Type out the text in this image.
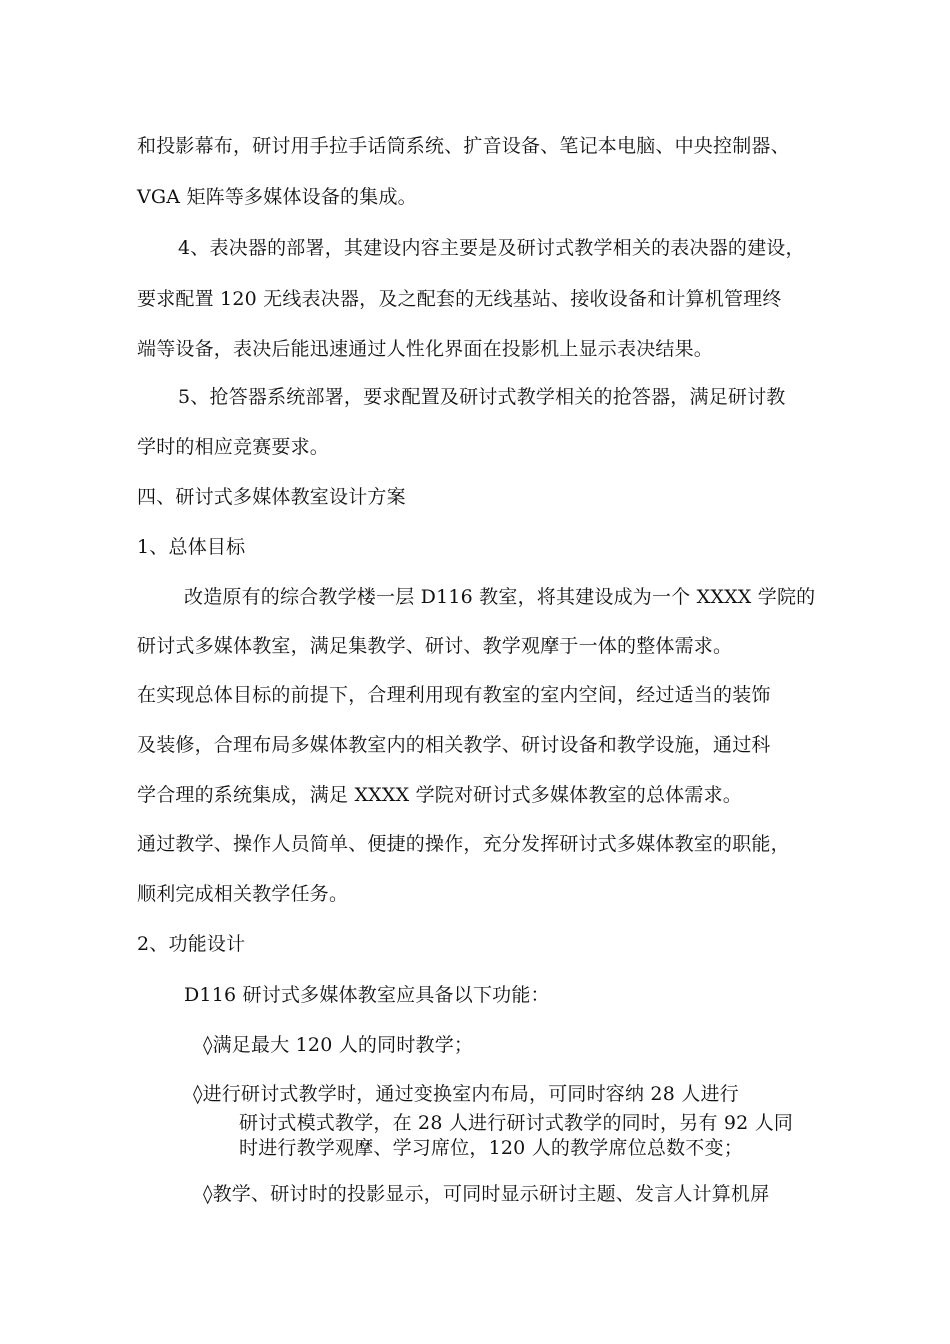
和投影幕布，研讨用手拉手话筒系统、扩音设备、笔记本电脑、中央控制器、
VGA 矩阵等多媒体设备的集成。
4、表决器的部署，其建设内容主要是及研讨式教学相关的表决器的建设，
要求配置 120 无线表决器，及之配套的无线基站、接收设备和计算机管理终
端等设备，表决后能迅速通过人性化界面在投影机上显示表决结果。
5、抢答器系统部署，要求配置及研讨式教学相关的抢答器，满足研讨教
学时的相应竞赛要求。
四、研讨式多媒体教室设计方案
1、总体目标
改造原有的综合教学楼一层 D116 教室，将其建设成为一个 XXXX 学院的
研讨式多媒体教室，满足集教学、研讨、教学观摩于一体的整体需求。
在实现总体目标的前提下，合理利用现有教室的室内空间，经过适当的装饰
及装修，合理布局多媒体教室内的相关教学、研讨设备和教学设施，通过科
学合理的系统集成，满足 XXXX 学院对研讨式多媒体教室的总体需求。
通过教学、操作人员简单、便捷的操作，充分发挥研讨式多媒体教室的职能，
顺利完成相关教学任务。
2、功能设计
D116 研讨式多媒体教室应具备以下功能：
◊满足最大 120 人的同时教学；
◊进行研讨式教学时，通过变换室内布局，可同时容纳 28 人进行
研讨式模式教学，在 28 人进行研讨式教学的同时，另有 92 人同
时进行教学观摩、学习席位，120 人的教学席位总数不变；
◊教学、研讨时的投影显示，可同时显示研讨主题、发言人计算机屏
